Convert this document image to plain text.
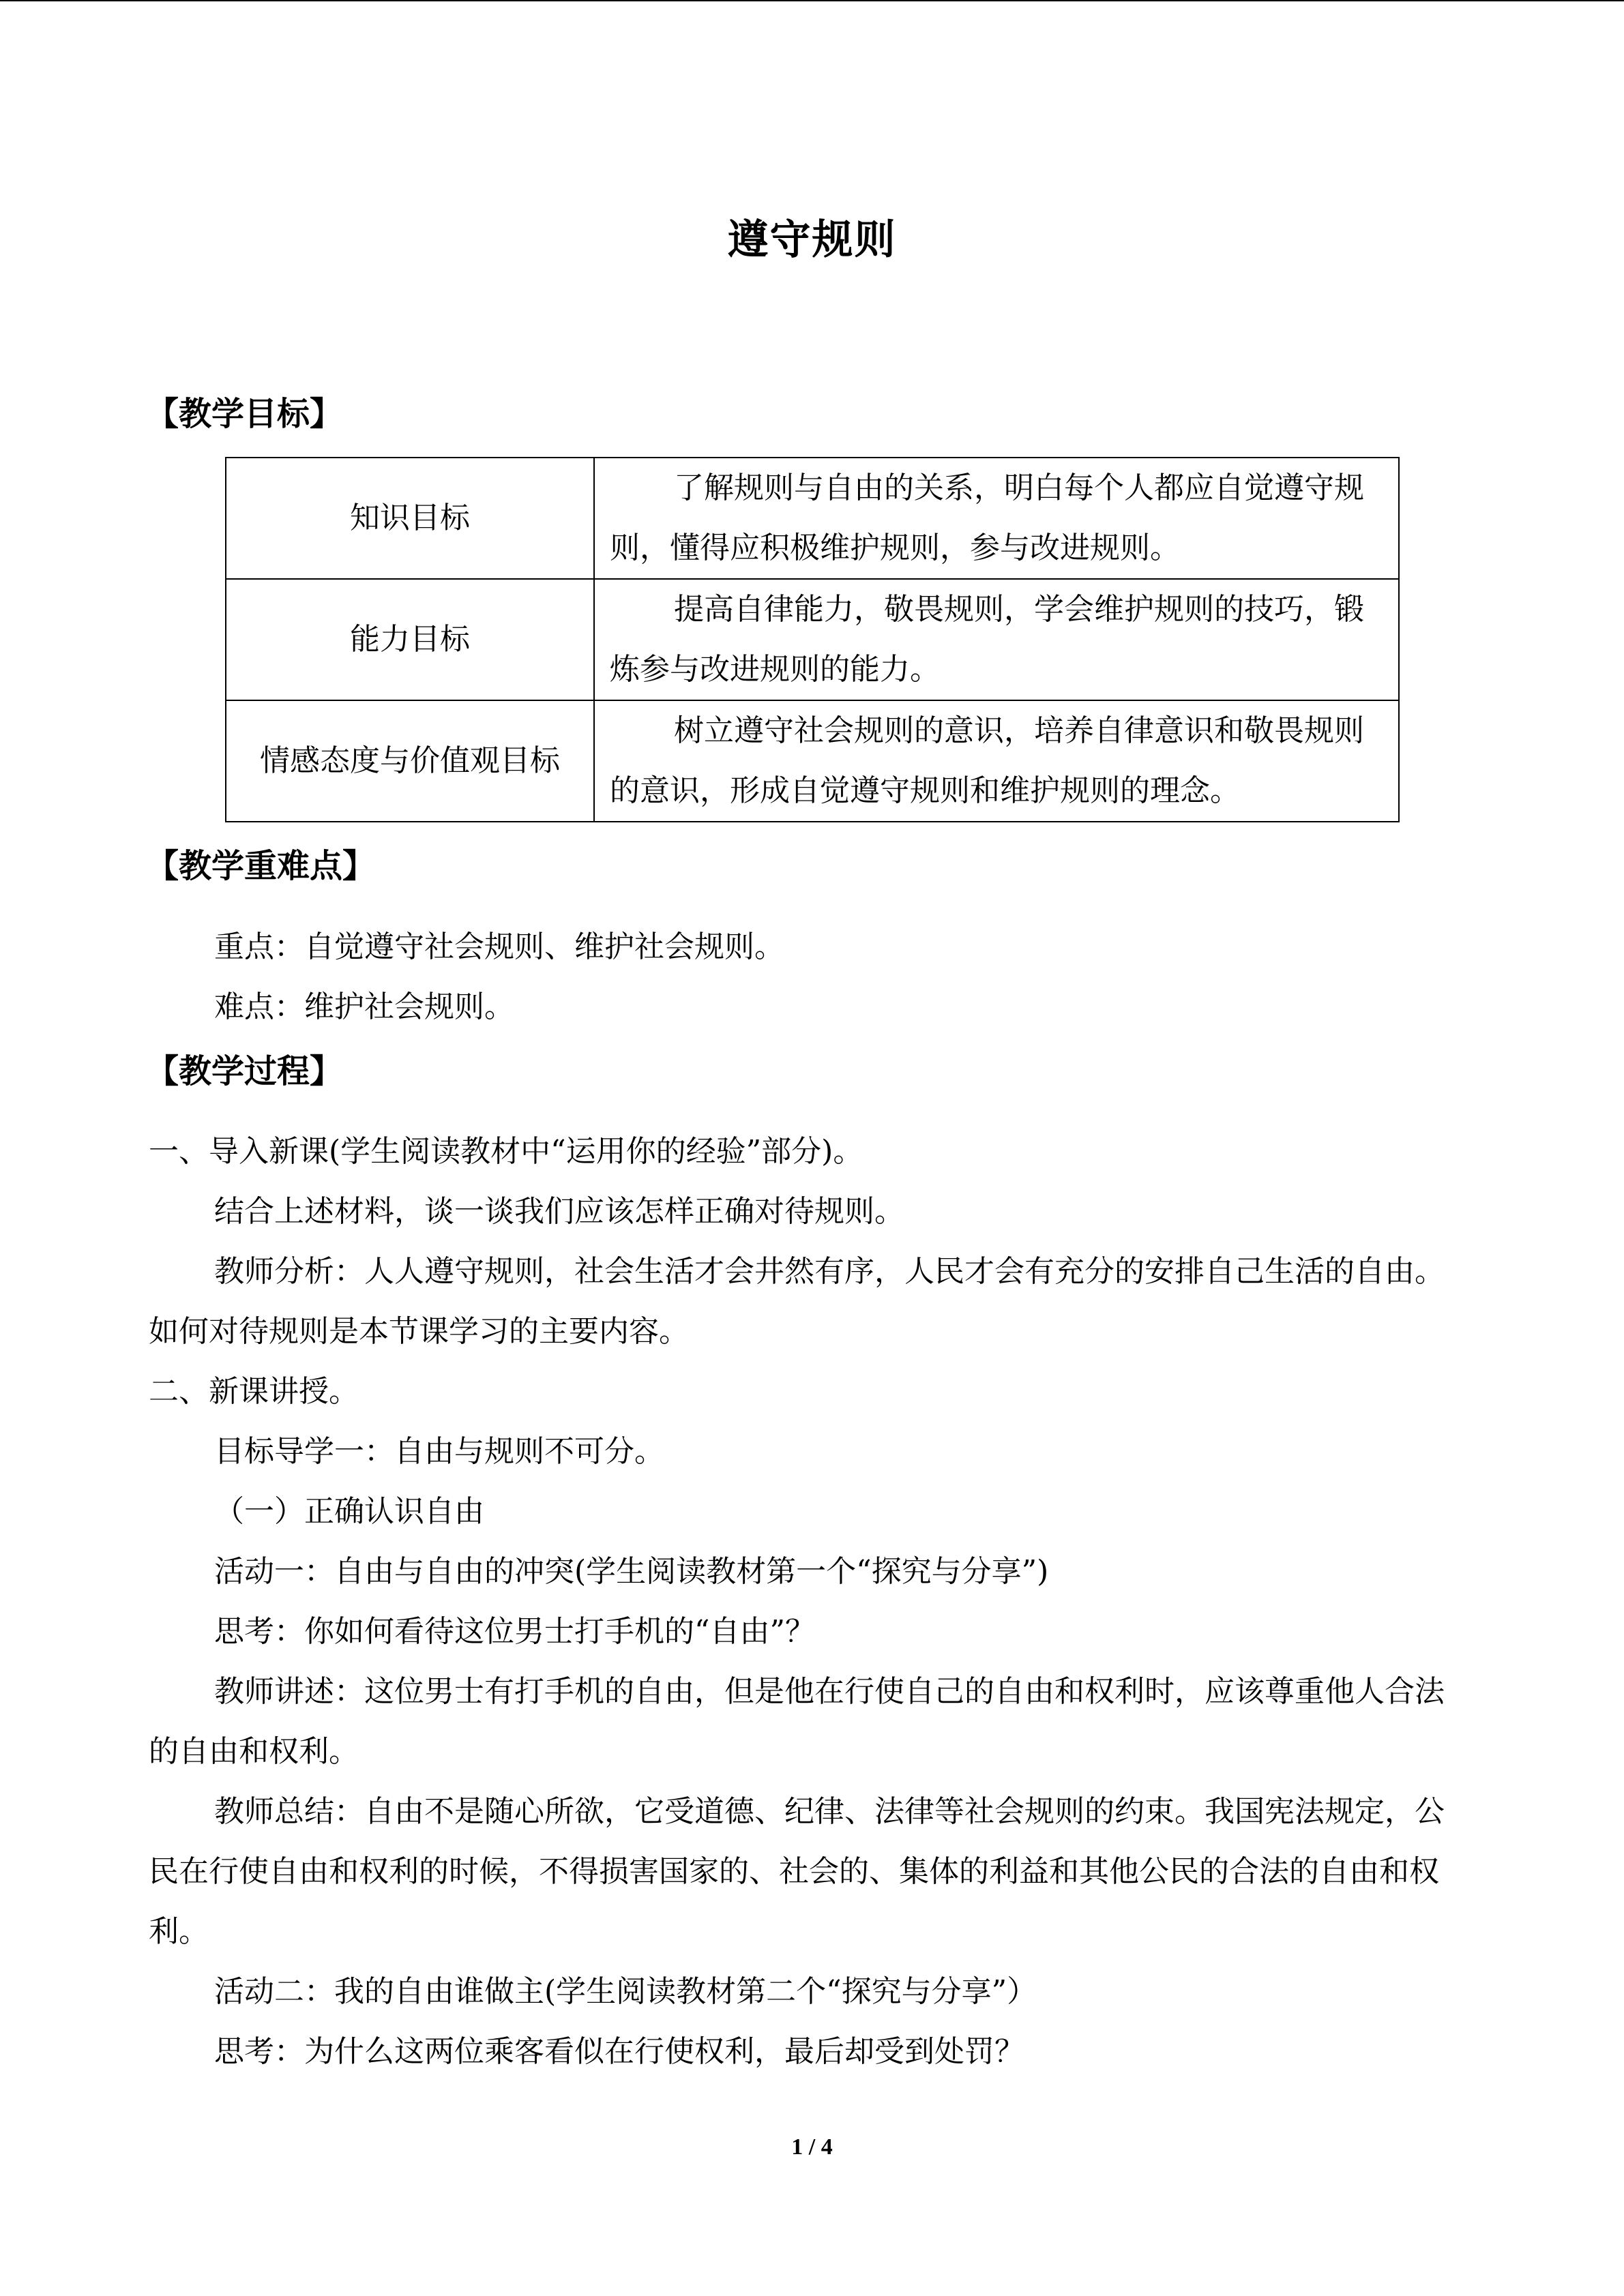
遵守规则
【教学目标】
知识目标	了解规则与自由的关系，明白每个人都应自觉遵守规则，懂得应积极维护规则，参与改进规则。
能力目标	提高自律能力，敬畏规则，学会维护规则的技巧，锻炼参与改进规则的能力。
情感态度与价值观目标	树立遵守社会规则的意识，培养自律意识和敬畏规则的意识，形成自觉遵守规则和维护规则的理念。
【教学重难点】

重点：自觉遵守社会规则、维护社会规则。

难点：维护社会规则。

【教学过程】

一、导入新课(学生阅读教材中“运用你的经验”部分)。

结合上述材料，谈一谈我们应该怎样正确对待规则。

教师分析：人人遵守规则，社会生活才会井然有序，人民才会有充分的安排自己生活的自由。如何对待规则是本节课学习的主要内容。

二、新课讲授。

目标导学一：自由与规则不可分。

（一）正确认识自由

活动一：自由与自由的冲突(学生阅读教材第一个“探究与分享”)

思考：你如何看待这位男士打手机的“自由”？

教师讲述：这位男士有打手机的自由，但是他在行使自己的自由和权利时，应该尊重他人合法的自由和权利。

教师总结：自由不是随心所欲，它受道德、纪律、法律等社会规则的约束。我国宪法规定，公民在行使自由和权利的时候，不得损害国家的、社会的、集体的利益和其他公民的合法的自由和权利。

活动二：我的自由谁做主(学生阅读教材第二个“探究与分享”）

思考：为什么这两位乘客看似在行使权利，最后却受到处罚？

1 / 4
